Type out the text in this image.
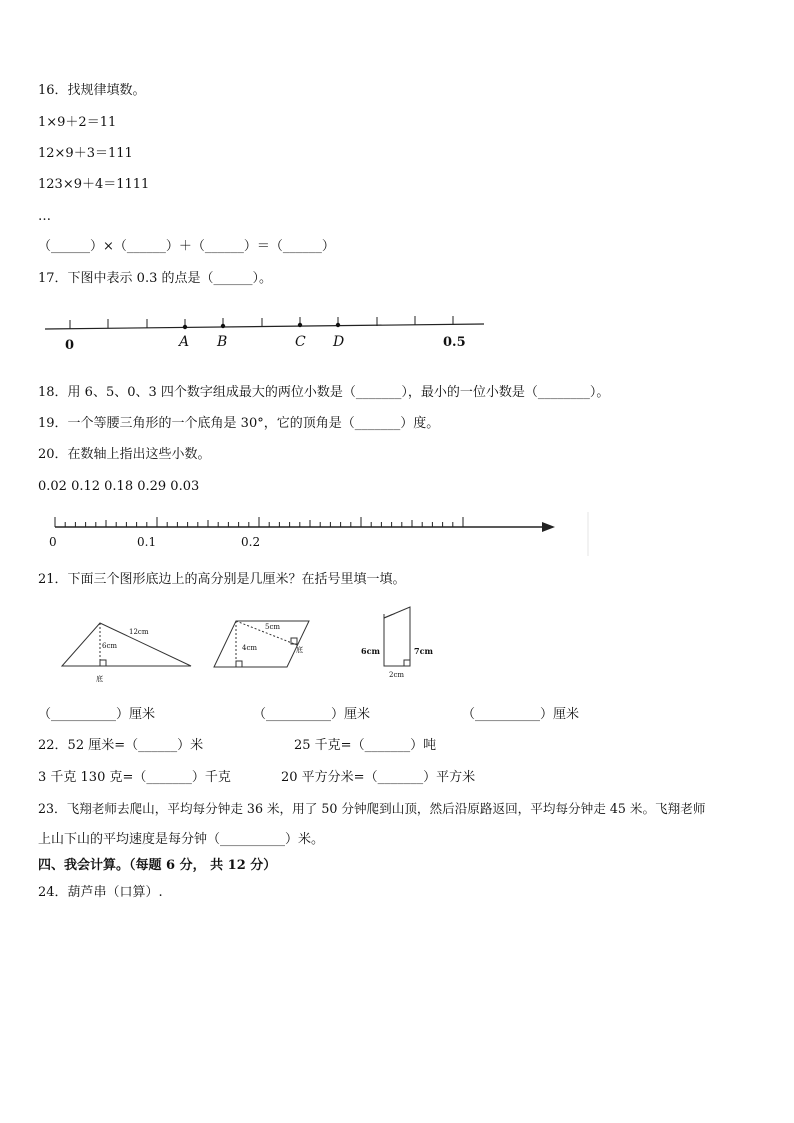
16．找规律填数。
1×9＋2＝11
12×9＋3＝111
123×9＋4＝1111
…
（______）×（______）＋（______）＝（______）
17．下图中表示 0.3 的点是（______）。
0	A B	C D	0.5
18．用 6、5、0、3 四个数字组成最大的两位小数是（_______），最小的一位小数是（________）。
19．一个等腰三角形的一个底角是 30°，它的顶角是（_______）度。
20．在数轴上指出这些小数。
0.02 0.12 0.18 0.29 0.03
0	0.1	0.2
21．下面三个图形底边上的高分别是几厘米？在括号里填一填。
12cm
6cm
底
5cm
4cm	底	6cm	7cm
2cm
（__________）厘米	（__________）厘米	（__________）厘米
22．52 厘米=（______）米	25 千克=（_______）吨
3 千克 130 克=（_______）千克	20 平方分米=（_______）平方米
23．飞翔老师去爬山，平均每分钟走 36 米，用了 50 分钟爬到山顶，然后沿原路返回，平均每分钟走 45 米。飞翔老师
上山下山的平均速度是每分钟（__________）米。
四、我会计算。（每题 6 分， 共 12 分）
24．葫芦串（口算）.
